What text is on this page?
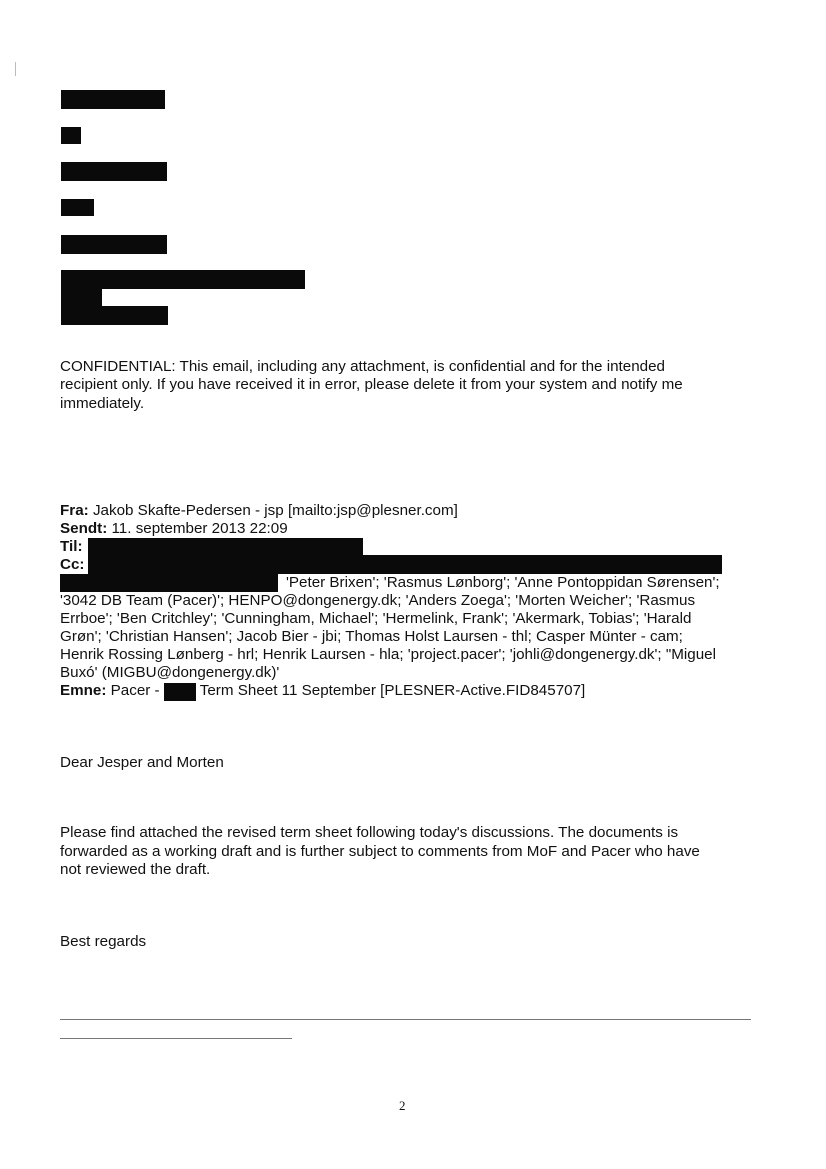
CONFIDENTIAL: This email, including any attachment, is confidential and for the intended
recipient only. If you have received it in error, please delete it from your system and notify me
immediately.
Fra: Jakob Skafte-Pedersen - jsp [mailto:jsp@plesner.com]
Sendt: 11. september 2013 22:09
Til:
Cc:
'Peter Brixen'; 'Rasmus Lønborg'; 'Anne Pontoppidan Sørensen';
'3042 DB Team (Pacer)'; HENPO@dongenergy.dk; 'Anders Zoega'; 'Morten Weicher'; 'Rasmus
Errboe'; 'Ben Critchley'; 'Cunningham, Michael'; 'Hermelink, Frank'; 'Akermark, Tobias'; 'Harald
Grøn'; 'Christian Hansen'; Jacob Bier - jbi; Thomas Holst Laursen - thl; Casper Münter - cam;
Henrik Rossing Lønberg - hrl; Henrik Laursen - hla; 'project.pacer'; 'johli@dongenergy.dk'; "Miguel
Buxó' (MIGBU@dongenergy.dk)'
Emne: Pacer -  Term Sheet 11 September [PLESNER-Active.FID845707]
Dear Jesper and Morten
Please find attached the revised term sheet following today's discussions. The documents is
forwarded as a working draft and is further subject to comments from MoF and Pacer who have
not reviewed the draft.
Best regards
2
